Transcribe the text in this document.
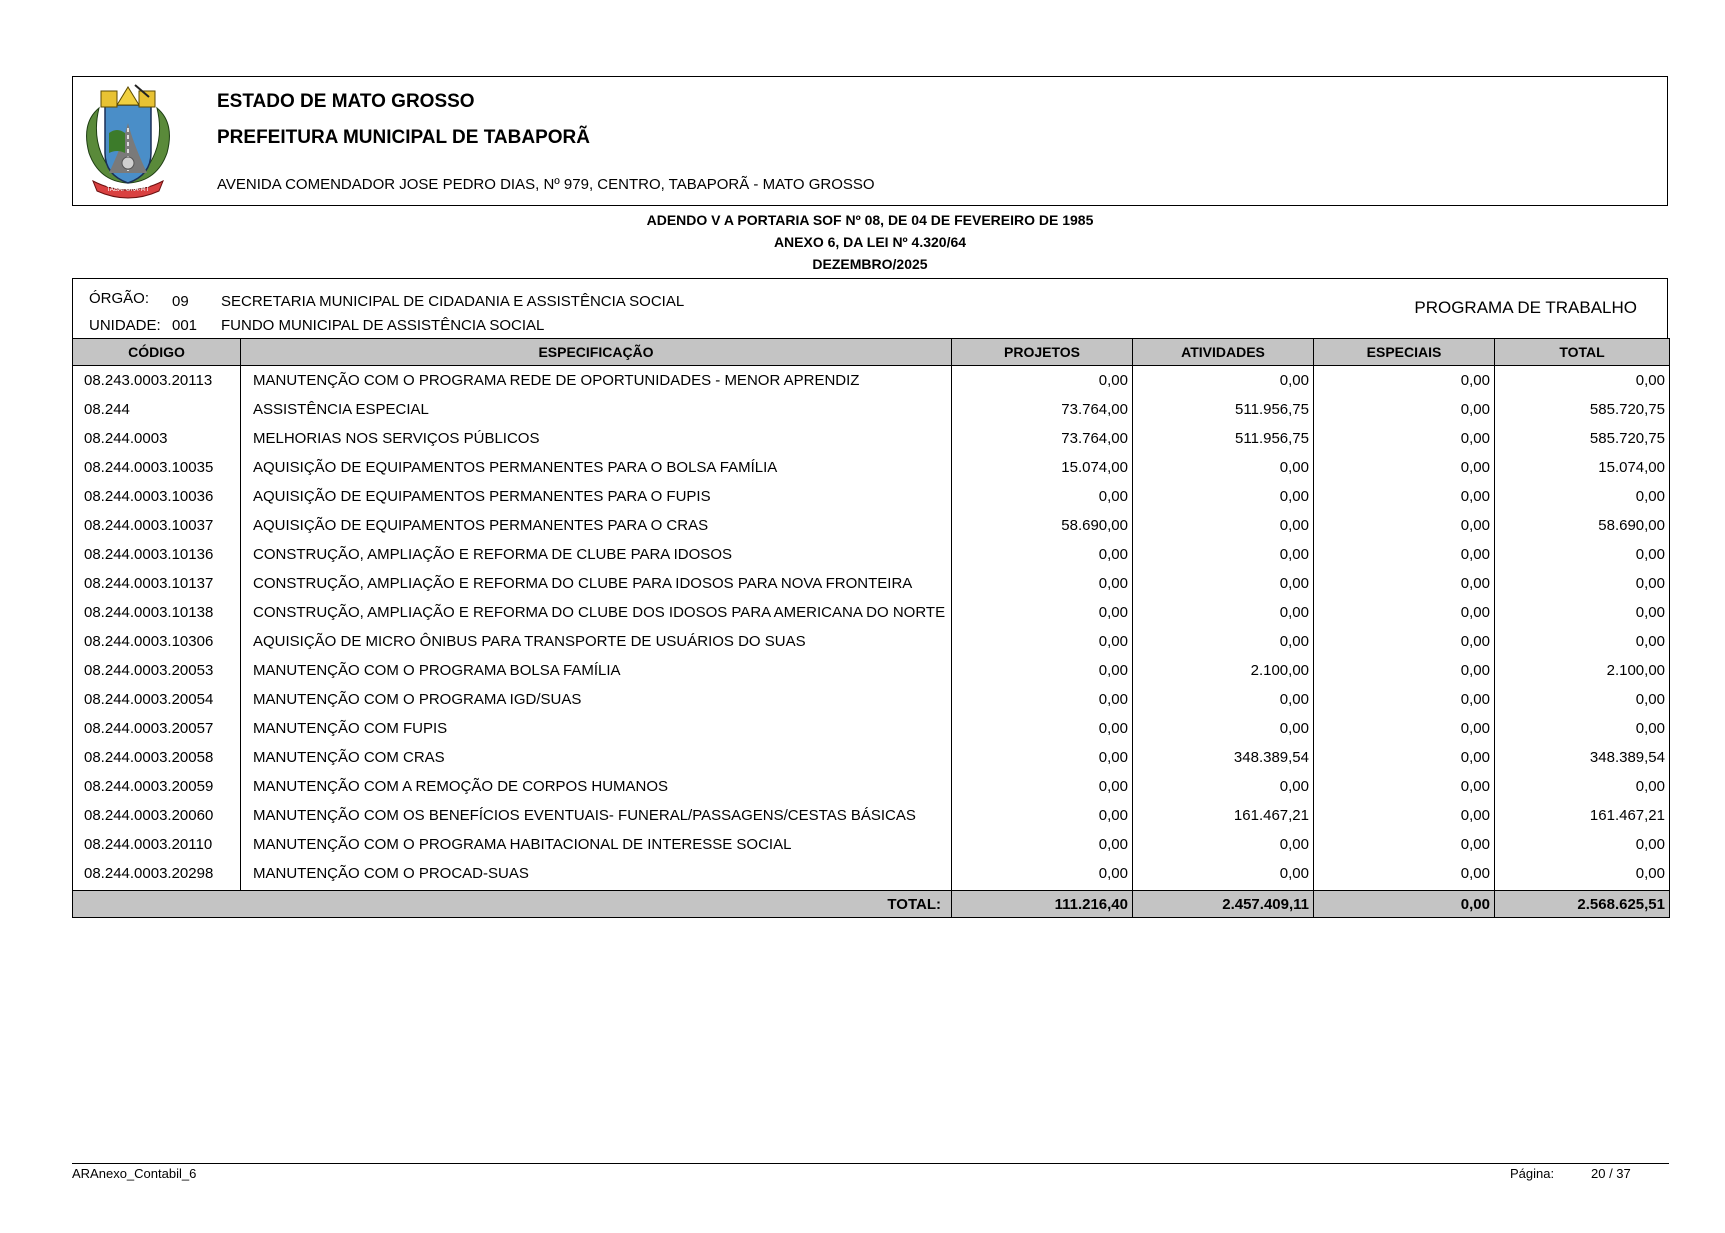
TABAPORÃ-MT
ESTADO DE MATO GROSSO
PREFEITURA MUNICIPAL DE TABAPORÃ
AVENIDA COMENDADOR JOSE PEDRO DIAS, Nº 979, CENTRO, TABAPORÃ - MATO GROSSO
ADENDO V A PORTARIA SOF Nº 08, DE 04 DE FEVEREIRO DE 1985
ANEXO 6, DA LEI Nº 4.320/64
DEZEMBRO/2025
ÓRGÃO: 09 SECRETARIA MUNICIPAL DE CIDADANIA E ASSISTÊNCIA SOCIAL
UNIDADE: 001 FUNDO MUNICIPAL DE ASSISTÊNCIA SOCIAL
PROGRAMA DE TRABALHO
CÓDIGO	ESPECIFICAÇÃO	PROJETOS	ATIVIDADES	ESPECIAIS	TOTAL
08.243.0003.20113	MANUTENÇÃO COM O PROGRAMA REDE DE OPORTUNIDADES - MENOR APRENDIZ	0,00	0,00	0,00	0,00
08.244	ASSISTÊNCIA ESPECIAL	73.764,00	511.956,75	0,00	585.720,75
08.244.0003	MELHORIAS NOS SERVIÇOS PÚBLICOS	73.764,00	511.956,75	0,00	585.720,75
08.244.0003.10035	AQUISIÇÃO DE EQUIPAMENTOS PERMANENTES PARA O BOLSA FAMÍLIA	15.074,00	0,00	0,00	15.074,00
08.244.0003.10036	AQUISIÇÃO DE EQUIPAMENTOS PERMANENTES PARA O FUPIS	0,00	0,00	0,00	0,00
08.244.0003.10037	AQUISIÇÃO DE EQUIPAMENTOS PERMANENTES PARA O CRAS	58.690,00	0,00	0,00	58.690,00
08.244.0003.10136	CONSTRUÇÃO, AMPLIAÇÃO E REFORMA DE CLUBE PARA IDOSOS	0,00	0,00	0,00	0,00
08.244.0003.10137	CONSTRUÇÃO, AMPLIAÇÃO E REFORMA DO CLUBE PARA IDOSOS PARA NOVA FRONTEIRA	0,00	0,00	0,00	0,00
08.244.0003.10138	CONSTRUÇÃO, AMPLIAÇÃO E REFORMA DO CLUBE DOS IDOSOS PARA AMERICANA DO NORTE	0,00	0,00	0,00	0,00
08.244.0003.10306	AQUISIÇÃO DE MICRO ÔNIBUS PARA TRANSPORTE DE USUÁRIOS DO SUAS	0,00	0,00	0,00	0,00
08.244.0003.20053	MANUTENÇÃO COM O PROGRAMA BOLSA FAMÍLIA	0,00	2.100,00	0,00	2.100,00
08.244.0003.20054	MANUTENÇÃO COM O PROGRAMA IGD/SUAS	0,00	0,00	0,00	0,00
08.244.0003.20057	MANUTENÇÃO COM FUPIS	0,00	0,00	0,00	0,00
08.244.0003.20058	MANUTENÇÃO COM CRAS	0,00	348.389,54	0,00	348.389,54
08.244.0003.20059	MANUTENÇÃO COM A REMOÇÃO DE CORPOS HUMANOS	0,00	0,00	0,00	0,00
08.244.0003.20060	MANUTENÇÃO COM OS BENEFÍCIOS EVENTUAIS- FUNERAL/PASSAGENS/CESTAS BÁSICAS	0,00	161.467,21	0,00	161.467,21
08.244.0003.20110	MANUTENÇÃO COM O PROGRAMA HABITACIONAL DE INTERESSE SOCIAL	0,00	0,00	0,00	0,00
08.244.0003.20298	MANUTENÇÃO COM O PROCAD-SUAS	0,00	0,00	0,00	0,00
TOTAL:		111.216,40	2.457.409,11	0,00	2.568.625,51
ARAnexo_Contabil_6	Página:	20 / 37
